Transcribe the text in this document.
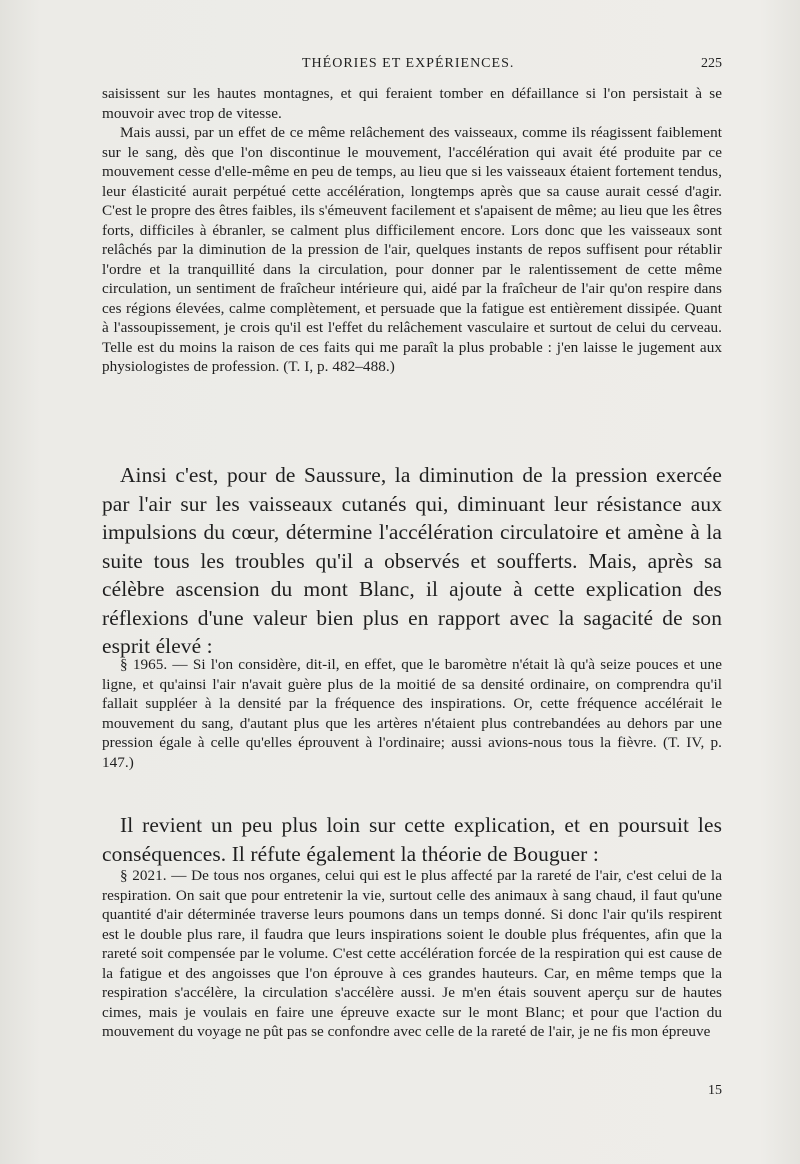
THÉORIES ET EXPÉRIENCES.	225

saisissent sur les hautes montagnes, et qui feraient tomber en défaillance si l'on persistait à se mouvoir avec trop de vitesse.

Mais aussi, par un effet de ce même relâchement des vaisseaux, comme ils réagissent faiblement sur le sang, dès que l'on discontinue le mouvement, l'accélération qui avait été produite par ce mouvement cesse d'elle-même en peu de temps, au lieu que si les vaisseaux étaient fortement tendus, leur élasticité aurait perpétué cette accélération, longtemps après que sa cause aurait cessé d'agir. C'est le propre des êtres faibles, ils s'émeuvent facilement et s'apaisent de même; au lieu que les êtres forts, difficiles à ébranler, se calment plus difficilement encore. Lors donc que les vaisseaux sont relâchés par la diminution de la pression de l'air, quelques instants de repos suffisent pour rétablir l'ordre et la tranquillité dans la circulation, pour donner par le ralentissement de cette même circulation, un sentiment de fraîcheur intérieure qui, aidé par la fraîcheur de l'air qu'on respire dans ces régions élevées, calme complètement, et persuade que la fatigue est entièrement dissipée. Quant à l'assoupissement, je crois qu'il est l'effet du relâchement vasculaire et surtout de celui du cerveau. Telle est du moins la raison de ces faits qui me paraît la plus probable : j'en laisse le jugement aux physiologistes de profession. (T. I, p. 482–488.)

Ainsi c'est, pour de Saussure, la diminution de la pression exercée par l'air sur les vaisseaux cutanés qui, diminuant leur résistance aux impulsions du cœur, détermine l'accélération circulatoire et amène à la suite tous les troubles qu'il a observés et soufferts. Mais, après sa célèbre ascension du mont Blanc, il ajoute à cette explication des réflexions d'une valeur bien plus en rapport avec la sagacité de son esprit élevé :

§ 1965. — Si l'on considère, dit-il, en effet, que le baromètre n'était là qu'à seize pouces et une ligne, et qu'ainsi l'air n'avait guère plus de la moitié de sa densité ordinaire, on comprendra qu'il fallait suppléer à la densité par la fréquence des inspirations. Or, cette fréquence accélérait le mouvement du sang, d'autant plus que les artères n'étaient plus contrebandées au dehors par une pression égale à celle qu'elles éprouvent à l'ordinaire; aussi avions-nous tous la fièvre. (T. IV, p. 147.)

Il revient un peu plus loin sur cette explication, et en poursuit les conséquences. Il réfute également la théorie de Bouguer :

§ 2021. — De tous nos organes, celui qui est le plus affecté par la rareté de l'air, c'est celui de la respiration. On sait que pour entretenir la vie, surtout celle des animaux à sang chaud, il faut qu'une quantité d'air déterminée traverse leurs poumons dans un temps donné. Si donc l'air qu'ils respirent est le double plus rare, il faudra que leurs inspirations soient le double plus fréquentes, afin que la rareté soit compensée par le volume. C'est cette accélération forcée de la respiration qui est cause de la fatigue et des angoisses que l'on éprouve à ces grandes hauteurs. Car, en même temps que la respiration s'accélère, la circulation s'accélère aussi. Je m'en étais souvent aperçu sur de hautes cimes, mais je voulais en faire une épreuve exacte sur le mont Blanc; et pour que l'action du mouvement du voyage ne pût pas se confondre avec celle de la rareté de l'air, je ne fis mon épreuve

15
